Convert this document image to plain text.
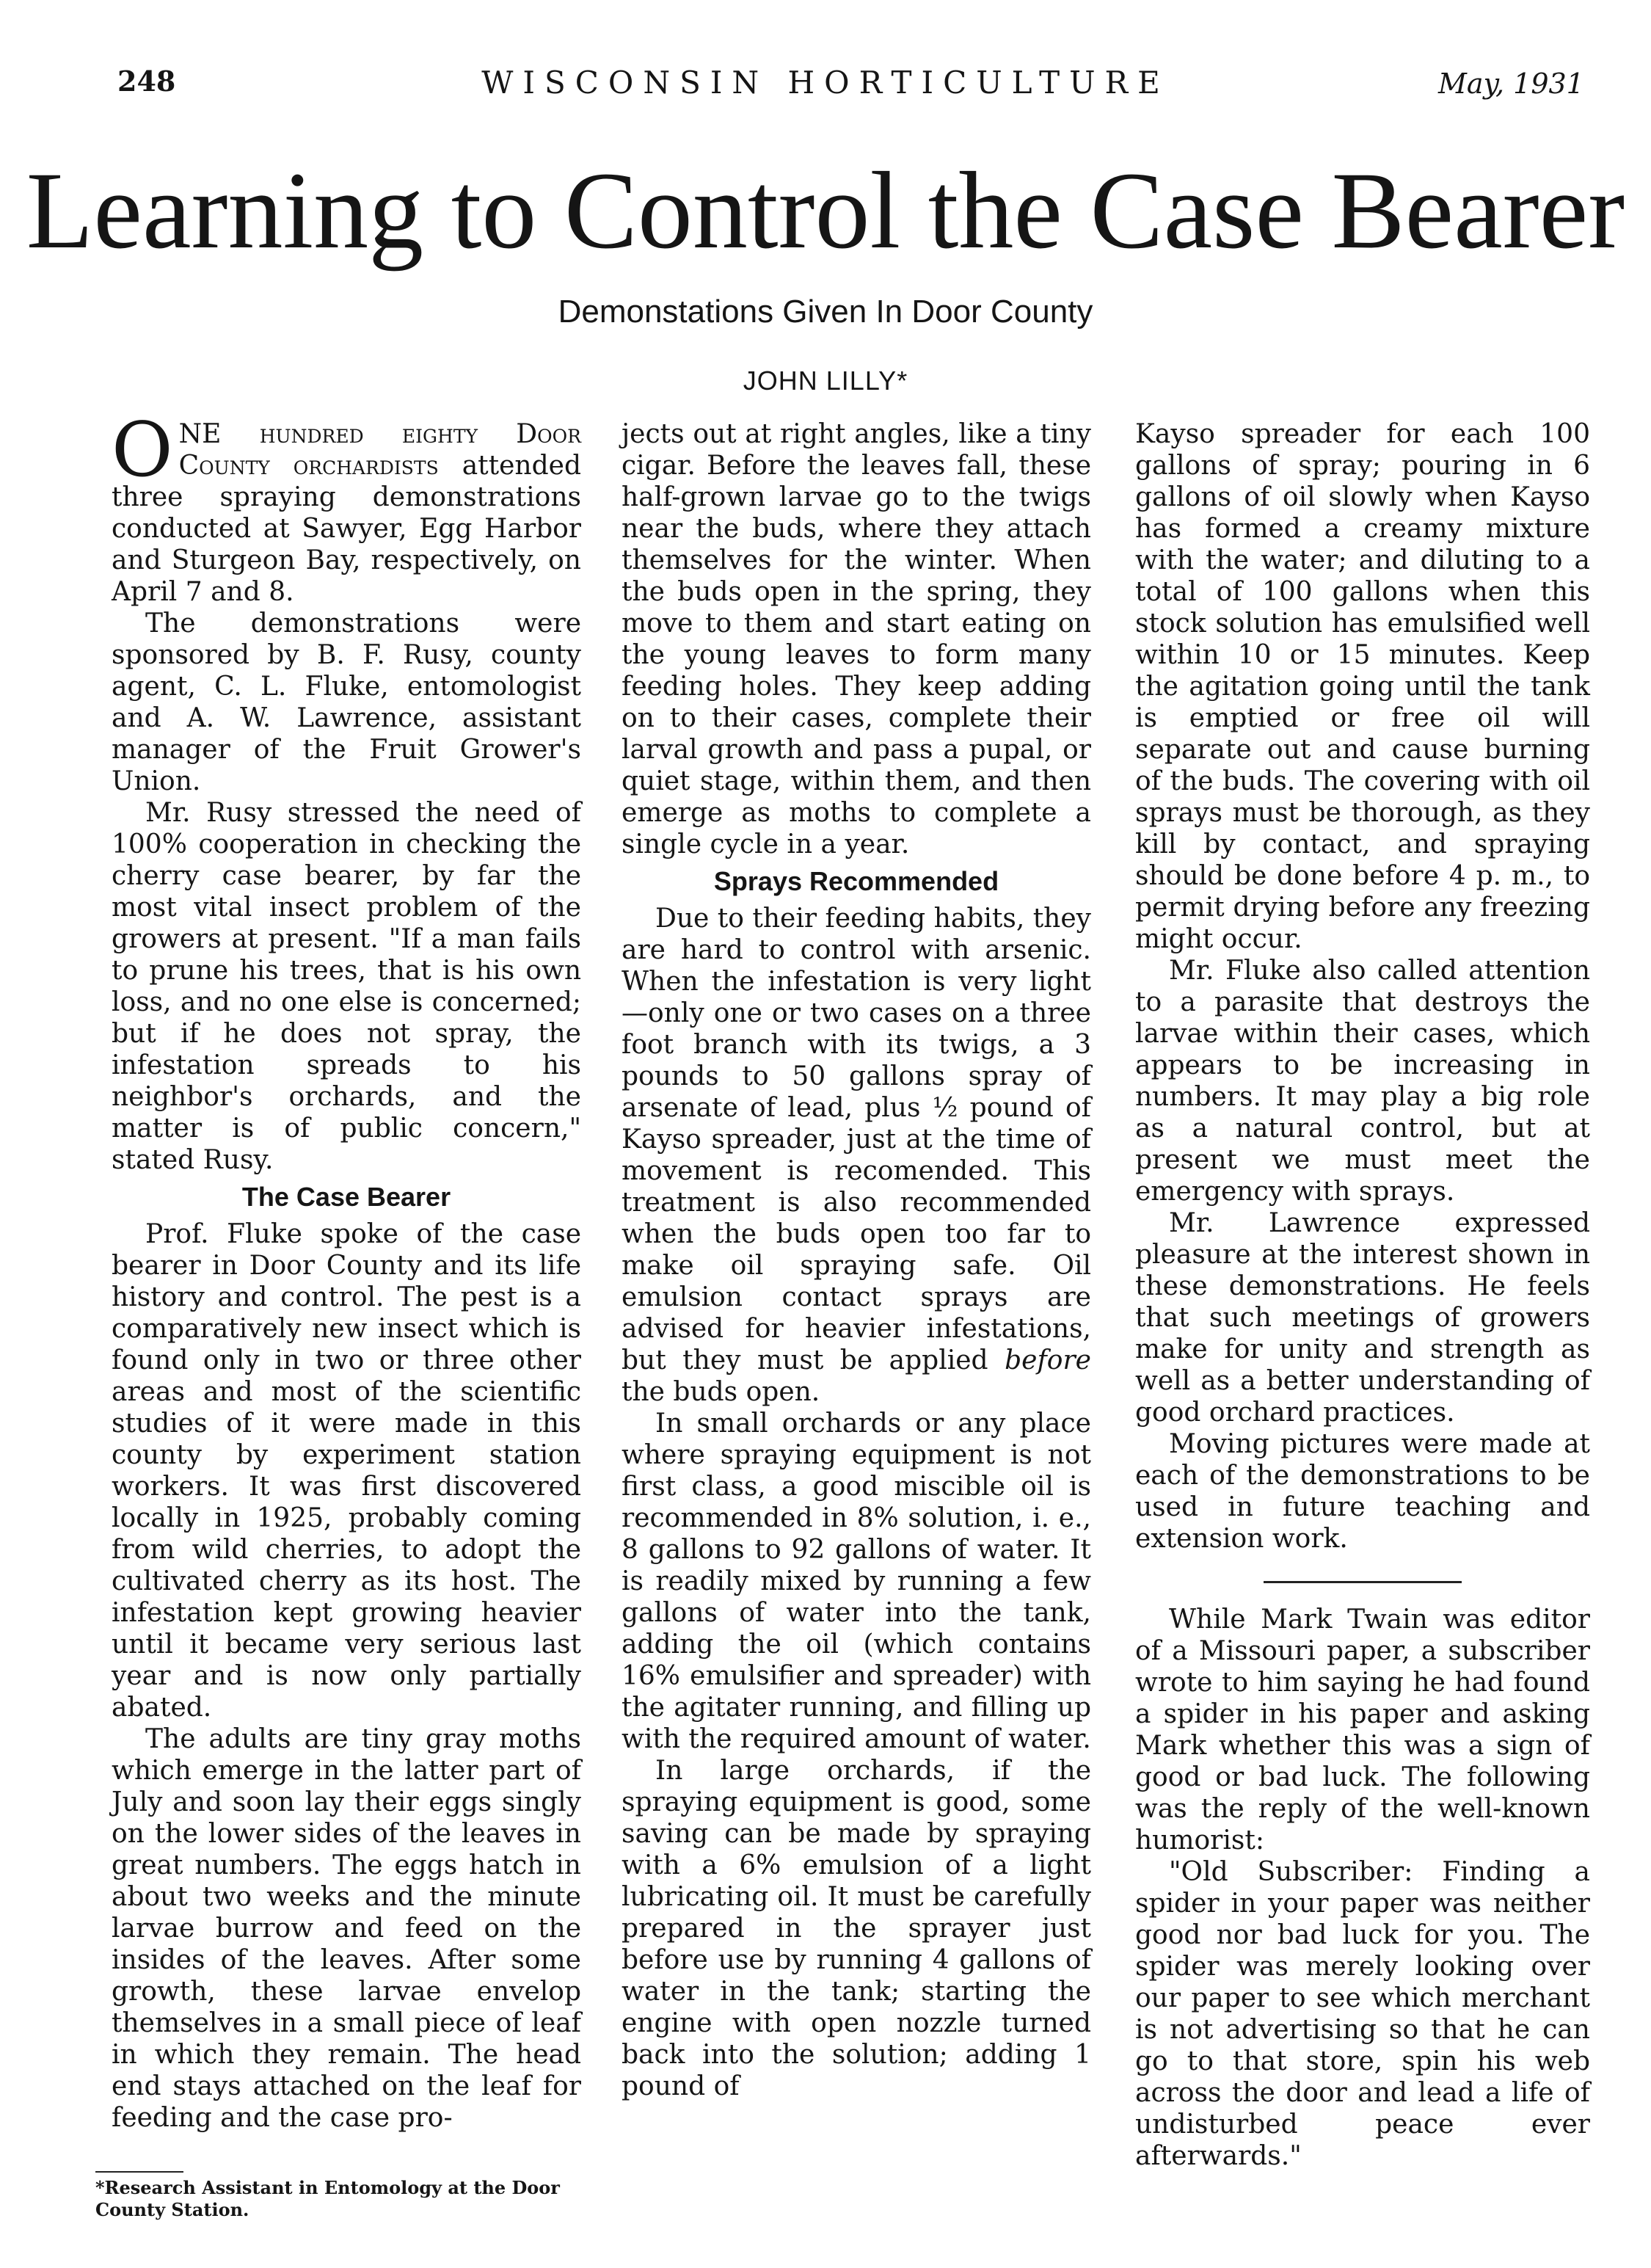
248	WISCONSIN HORTICULTURE	May, 1931
Learning to Control the Case Bearer
Demonstations Given In Door County
JOHN LILLY*

ONE hundred eighty Door County orchardists attended three spraying demonstrations conducted at Sawyer, Egg Harbor and Sturgeon Bay, respectively, on April 7 and 8.

The demonstrations were sponsored by B. F. Rusy, county agent, C. L. Fluke, entomologist and A. W. Lawrence, assistant manager of the Fruit Grower's Union.

Mr. Rusy stressed the need of 100% cooperation in checking the cherry case bearer, by far the most vital insect problem of the growers at present. "If a man fails to prune his trees, that is his own loss, and no one else is concerned; but if he does not spray, the infestation spreads to his neighbor's orchards, and the matter is of public concern," stated Rusy.

The Case Bearer

Prof. Fluke spoke of the case bearer in Door County and its life history and control. The pest is a comparatively new insect which is found only in two or three other areas and most of the scientific studies of it were made in this county by experiment station workers. It was first discovered locally in 1925, probably coming from wild cherries, to adopt the cultivated cherry as its host. The infestation kept growing heavier until it became very serious last year and is now only partially abated.

The adults are tiny gray moths which emerge in the latter part of July and soon lay their eggs singly on the lower sides of the leaves in great numbers. The eggs hatch in about two weeks and the minute larvae burrow and feed on the insides of the leaves. After some growth, these larvae envelop themselves in a small piece of leaf in which they remain. The head end stays attached on the leaf for feeding and the case pro-

jects out at right angles, like a tiny cigar. Before the leaves fall, these half-grown larvae go to the twigs near the buds, where they attach themselves for the winter. When the buds open in the spring, they move to them and start eating on the young leaves to form many feeding holes. They keep adding on to their cases, complete their larval growth and pass a pupal, or quiet stage, within them, and then emerge as moths to complete a single cycle in a year.

Sprays Recommended

Due to their feeding habits, they are hard to control with arsenic. When the infestation is very light—only one or two cases on a three foot branch with its twigs, a 3 pounds to 50 gallons spray of arsenate of lead, plus ½ pound of Kayso spreader, just at the time of movement is recomended. This treatment is also recommended when the buds open too far to make oil spraying safe. Oil emulsion contact sprays are advised for heavier infestations, but they must be applied before the buds open.

In small orchards or any place where spraying equipment is not first class, a good miscible oil is recommended in 8% solution, i. e., 8 gallons to 92 gallons of water. It is readily mixed by running a few gallons of water into the tank, adding the oil (which contains 16% emulsifier and spreader) with the agitater running, and filling up with the required amount of water.

In large orchards, if the spraying equipment is good, some saving can be made by spraying with a 6% emulsion of a light lubricating oil. It must be carefully prepared in the sprayer just before use by running 4 gallons of water in the tank; starting the engine with open nozzle turned back into the solution; adding 1 pound of

Kayso spreader for each 100 gallons of spray; pouring in 6 gallons of oil slowly when Kayso has formed a creamy mixture with the water; and diluting to a total of 100 gallons when this stock solution has emulsified well within 10 or 15 minutes. Keep the agitation going until the tank is emptied or free oil will separate out and cause burning of the buds. The covering with oil sprays must be thorough, as they kill by contact, and spraying should be done before 4 p. m., to permit drying before any freezing might occur.

Mr. Fluke also called attention to a parasite that destroys the larvae within their cases, which appears to be increasing in numbers. It may play a big role as a natural control, but at present we must meet the emergency with sprays.

Mr. Lawrence expressed pleasure at the interest shown in these demonstrations. He feels that such meetings of growers make for unity and strength as well as a better understanding of good orchard practices.

Moving pictures were made at each of the demonstrations to be used in future teaching and extension work.

While Mark Twain was editor of a Missouri paper, a subscriber wrote to him saying he had found a spider in his paper and asking Mark whether this was a sign of good or bad luck. The following was the reply of the well-known humorist:

"Old Subscriber: Finding a spider in your paper was neither good nor bad luck for you. The spider was merely looking over our paper to see which merchant is not advertising so that he can go to that store, spin his web across the door and lead a life of undisturbed peace ever afterwards."

*Research Assistant in Entomology at the Door County Station.
